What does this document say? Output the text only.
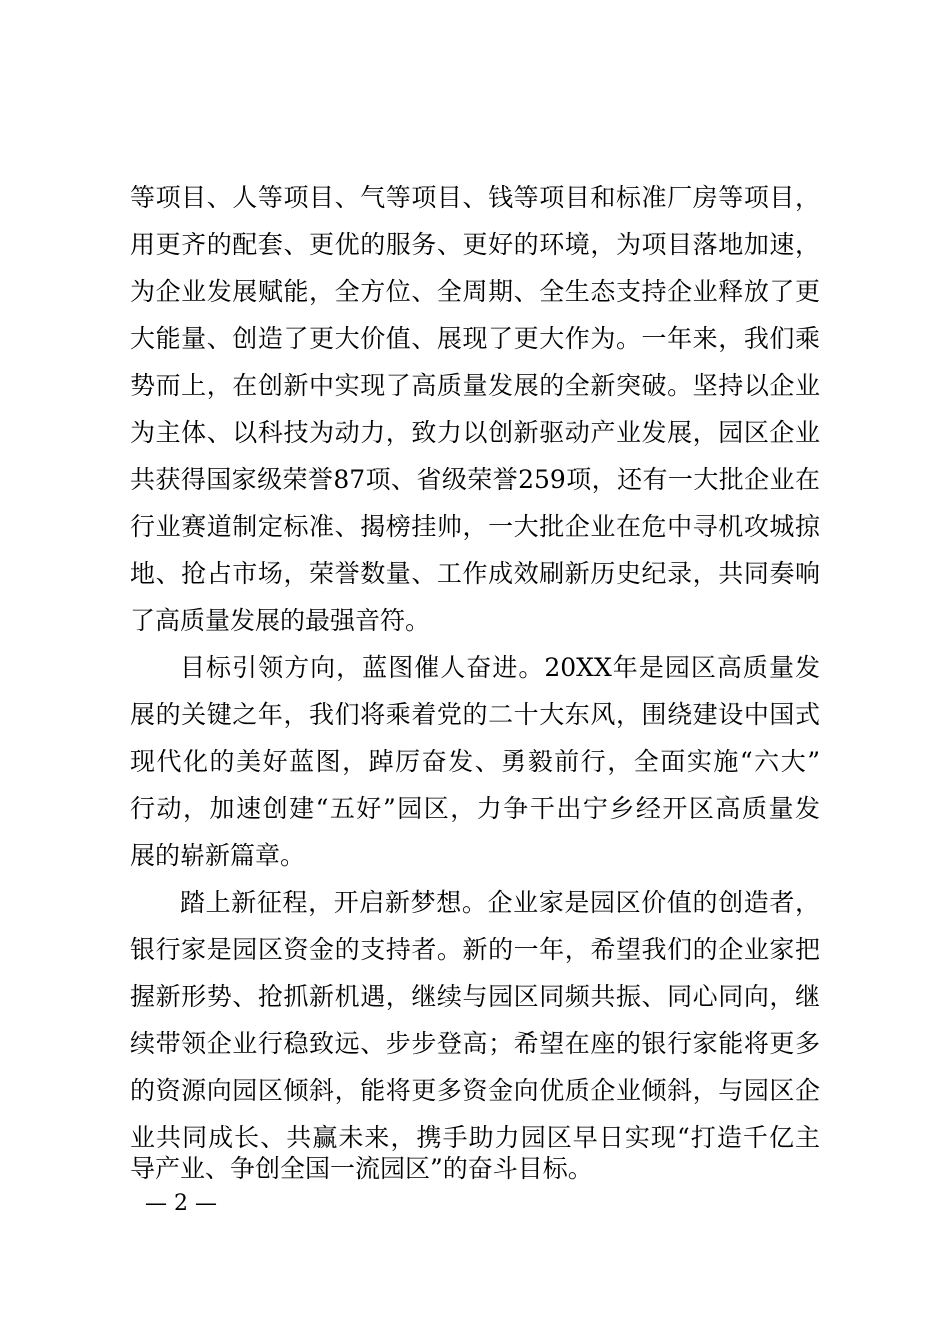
等项目、人等项目、气等项目、钱等项目和标准厂房等项目，
用更齐的配套、更优的服务、更好的环境，为项目落地加速，
为企业发展赋能，全方位、全周期、全生态支持企业释放了更
大能量、创造了更大价值、展现了更大作为。一年来，我们乘
势而上，在创新中实现了高质量发展的全新突破。坚持以企业
为主体、以科技为动力，致力以创新驱动产业发展，园区企业
共获得国家级荣誉87项、省级荣誉259项，还有一大批企业在
行业赛道制定标准、揭榜挂帅，一大批企业在危中寻机攻城掠
地、抢占市场，荣誉数量、工作成效刷新历史纪录，共同奏响
了高质量发展的最强音符。
目标引领方向，蓝图催人奋进。20XX年是园区高质量发
展的关键之年，我们将乘着党的二十大东风，围绕建设中国式
现代化的美好蓝图，踔厉奋发、勇毅前行，全面实施“六大”
行动，加速创建“五好”园区，力争干出宁乡经开区高质量发
展的崭新篇章。
踏上新征程，开启新梦想。企业家是园区价值的创造者，
银行家是园区资金的支持者。新的一年，希望我们的企业家把
握新形势、抢抓新机遇，继续与园区同频共振、同心同向，继
续带领企业行稳致远、步步登高；希望在座的银行家能将更多
的资源向园区倾斜，能将更多资金向优质企业倾斜，与园区企
业共同成长、共赢未来，携手助力园区早日实现“打造千亿主
导产业、争创全国一流园区”的奋斗目标。
— 2 —
